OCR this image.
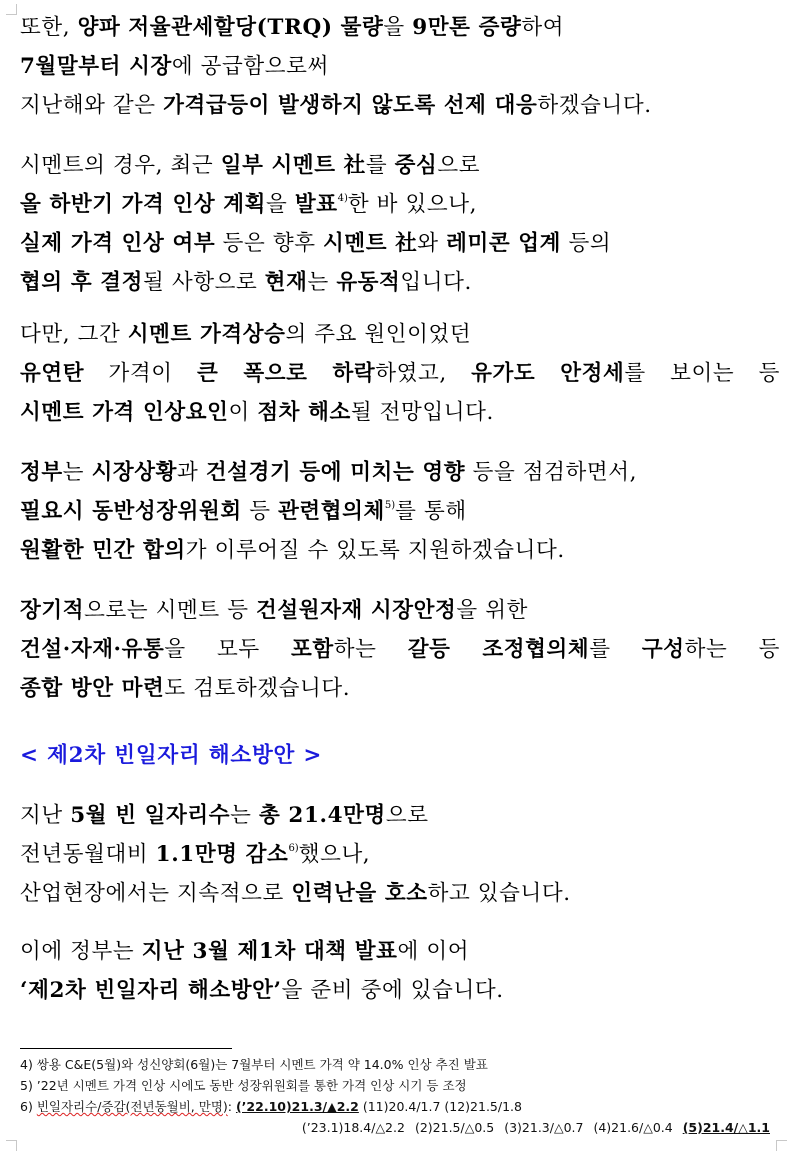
또한, 양파 저율관세할당(TRQ) 물량을 9만톤 증량하여
7월말부터 시장에 공급함으로써
지난해와 같은 가격급등이 발생하지 않도록 선제 대응하겠습니다.
시멘트의 경우, 최근 일부 시멘트 社를 중심으로
올 하반기 가격 인상 계획을 발표$^{4)}$한 바 있으나,
실제 가격 인상 여부 등은 향후 시멘트 社와 레미콘 업계 등의
협의 후 결정될 사항으로 현재는 유동적입니다.
다만, 그간 시멘트 가격상승의 주요 원인이었던
유연탄 가격이 큰 폭으로 하락하였고, 유가도 안정세를 보이는 등
시멘트 가격 인상요인이 점차 해소될 전망입니다.
정부는 시장상황과 건설경기 등에 미치는 영향 등을 점검하면서,
필요시 동반성장위원회 등 관련협의체$^{5)}$를 통해
원활한 민간 합의가 이루어질 수 있도록 지원하겠습니다.
장기적으로는 시멘트 등 건설원자재 시장안정을 위한
건설·자재·유통을 모두 포함하는 갈등 조정협의체를 구성하는 등
종합 방안 마련도 검토하겠습니다.
< 제2차 빈일자리 해소방안 >
지난 5월 빈 일자리수는 총 21.4만명으로
전년동월대비 1.1만명 감소$^{6)}$했으나,
산업현장에서는 지속적으로 인력난을 호소하고 있습니다.
이에 정부는 지난 3월 제1차 대책 발표에 이어
‘제2차 빈일자리 해소방안’을 준비 중에 있습니다.
4) 쌍용 C&E(5월)와 성신양회(6월)는 7월부터 시멘트 가격 약 14.0% 인상 추진 발표
5) ’22년 시멘트 가격 인상 시에도 동반 성장위원회를 통한 가격 인상 시기 등 조정
6) 빈일자리수/증감(전년동월비, 만명): (’22.10)21.3/▲2.2 (11)20.4/1.7 (12)21.5/1.8
(’23.1)18.4/△2.2 (2)21.5/△0.5 (3)21.3/△0.7 (4)21.6/△0.4 (5)21.4/△1.1
